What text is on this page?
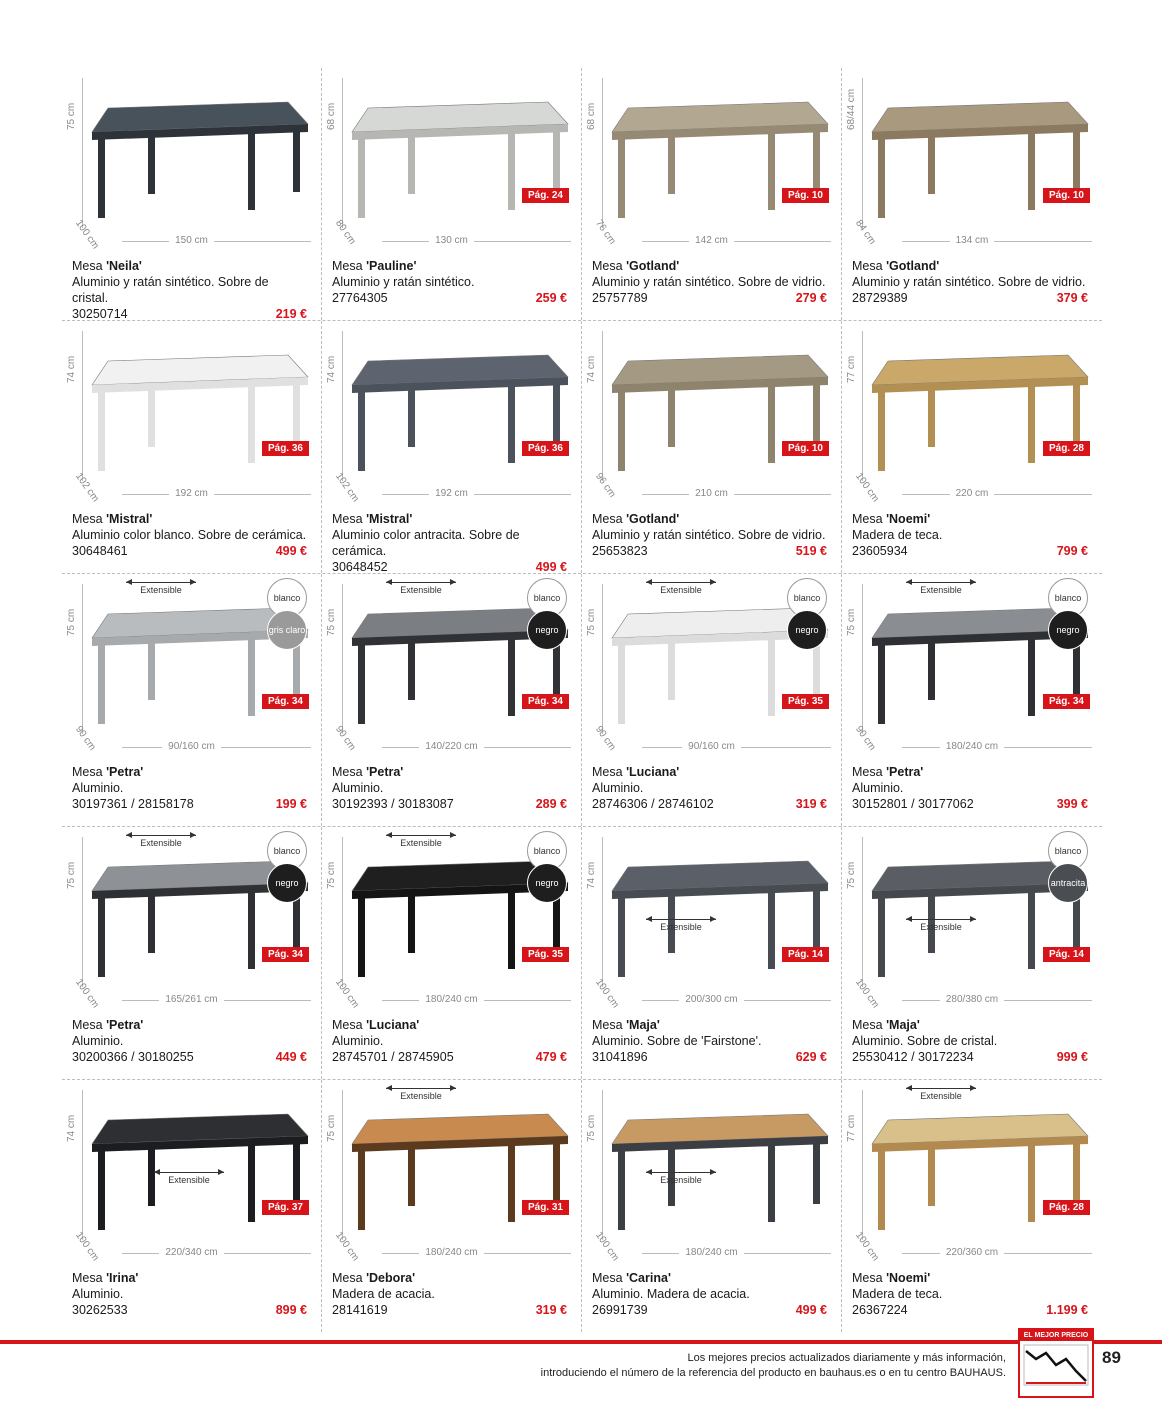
75 cm
100 cm	150 cm
Mesa 'Neila'
Aluminio y ratán sintético. Sobre de cristal.
30250714	219 €
68 cm
80 cm	130 cm
Pág. 24
Mesa 'Pauline'
Aluminio y ratán sintético.
27764305	259 €
68 cm
76 cm	142 cm
Pág. 10
Mesa 'Gotland'
Aluminio y ratán sintético. Sobre de vidrio.
25757789	279 €
68/44 cm
84 cm	134 cm
Pág. 10
Mesa 'Gotland'
Aluminio y ratán sintético. Sobre de vidrio.
28729389	379 €
74 cm
102 cm	192 cm
Pág. 36
Mesa 'Mistral'
Aluminio color blanco. Sobre de cerámica.
30648461	499 €
74 cm
102 cm	192 cm
Pág. 36
Mesa 'Mistral'
Aluminio color antracita. Sobre de cerámica.
30648452	499 €
74 cm
96 cm	210 cm
Pág. 10
Mesa 'Gotland'
Aluminio y ratán sintético. Sobre de vidrio.
25653823	519 €
77 cm
100 cm	220 cm
Pág. 28
Mesa 'Noemi'
Madera de teca.
23605934	799 €
75 cm
90 cm	90/160 cm
Extensible
blanco
gris claro
Pág. 34
Mesa 'Petra'
Aluminio.
30197361 / 28158178	199 €
75 cm
90 cm	140/220 cm
Extensible
blanco
negro
Pág. 34
Mesa 'Petra'
Aluminio.
30192393 / 30183087	289 €
75 cm
90 cm	90/160 cm
Extensible
blanco
negro
Pág. 35
Mesa 'Luciana'
Aluminio.
28746306 / 28746102	319 €
75 cm
90 cm	180/240 cm
Extensible
blanco
negro
Pág. 34
Mesa 'Petra'
Aluminio.
30152801 / 30177062	399 €
75 cm
100 cm	165/261 cm
Extensible
blanco
negro
Pág. 34
Mesa 'Petra'
Aluminio.
30200366 / 30180255	449 €
75 cm
100 cm	180/240 cm
Extensible
blanco
negro
Pág. 35
Mesa 'Luciana'
Aluminio.
28745701 / 28745905	479 €
74 cm
100 cm	200/300 cm
Extensible
Pág. 14
Mesa 'Maja'
Aluminio. Sobre de 'Fairstone'.
31041896	629 €
75 cm
100 cm	280/380 cm
Extensible
blanco
antracita
Pág. 14
Mesa 'Maja'
Aluminio. Sobre de cristal.
25530412 / 30172234	999 €
74 cm
100 cm	220/340 cm
Extensible
Pág. 37
Mesa 'Irina'
Aluminio.
30262533	899 €
75 cm
100 cm	180/240 cm
Extensible
Pág. 31
Mesa 'Debora'
Madera de acacia.
28141619	319 €
75 cm
100 cm	180/240 cm
Extensible
Mesa 'Carina'
Aluminio. Madera de acacia.
26991739	499 €
77 cm
100 cm	220/360 cm
Extensible
Pág. 28
Mesa 'Noemi'
Madera de teca.
26367224	1.199 €
Los mejores precios actualizados diariamente y más información,
introduciendo el número de la referencia del producto en bauhaus.es o en tu centro BAUHAUS.
EL MEJOR PRECIO
89
